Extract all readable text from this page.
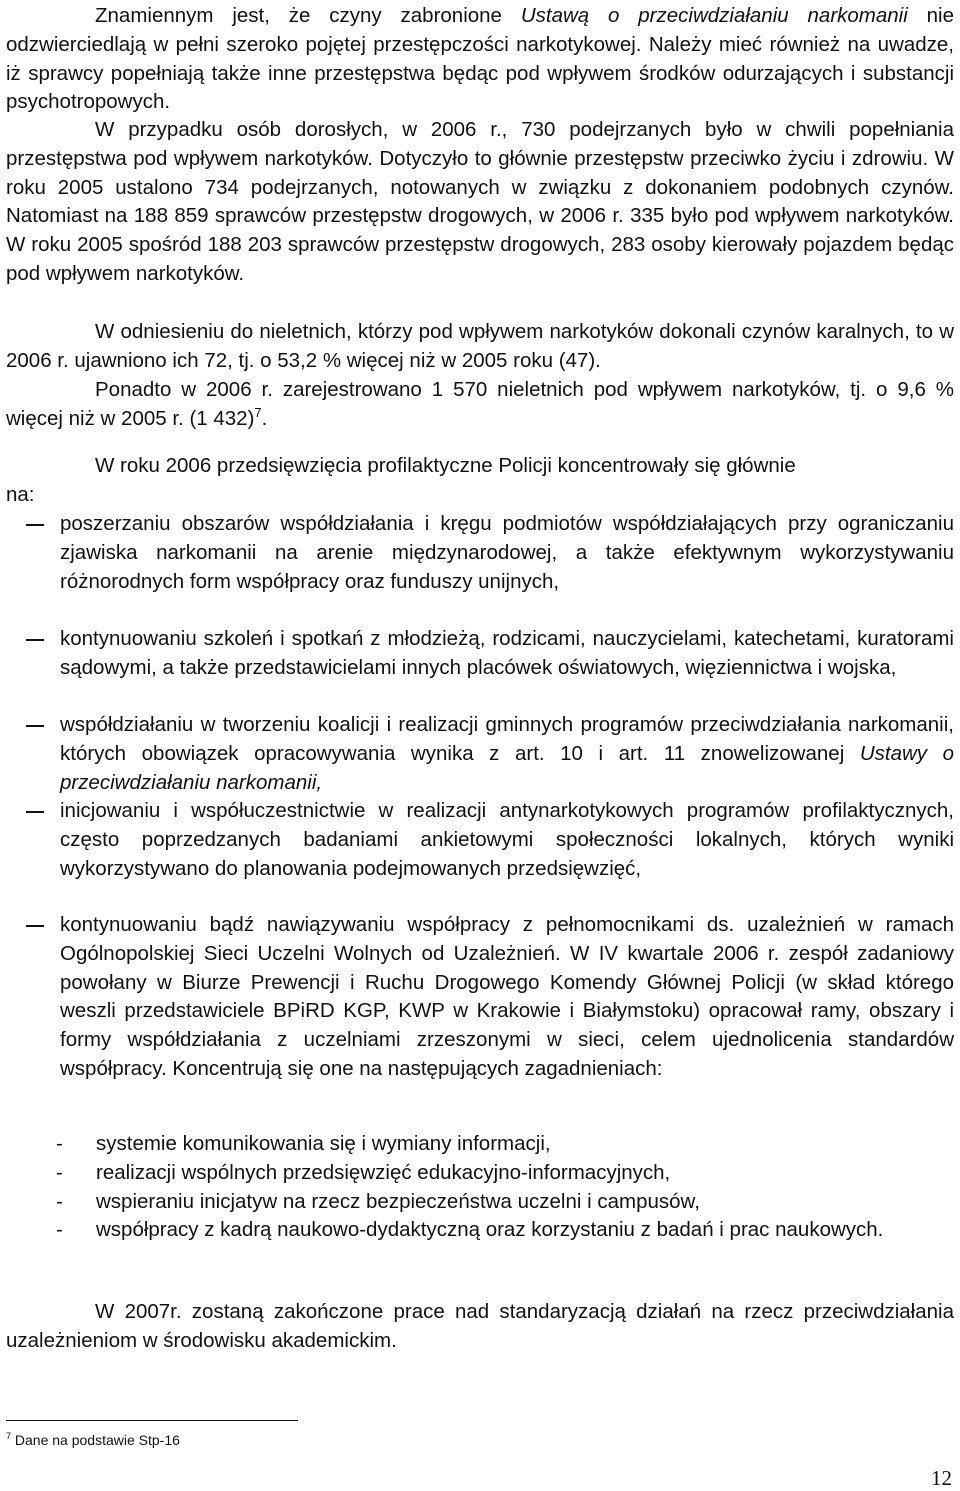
Znamiennym jest, że czyny zabronione Ustawą o przeciwdziałaniu narkomanii nie odzwierciedlają w pełni szeroko pojętej przestępczości narkotykowej. Należy mieć również na uwadze, iż sprawcy popełniają także inne przestępstwa będąc pod wpływem środków odurzających i substancji psychotropowych.

W przypadku osób dorosłych, w 2006 r., 730 podejrzanych było w chwili popełniania przestępstwa pod wpływem narkotyków. Dotyczyło to głównie przestępstw przeciwko życiu i zdrowiu. W roku 2005 ustalono 734 podejrzanych, notowanych w związku z dokonaniem podobnych czynów. Natomiast na 188 859 sprawców przestępstw drogowych, w 2006 r. 335 było pod wpływem narkotyków. W roku 2005 spośród 188 203 sprawców przestępstw drogowych, 283 osoby kierowały pojazdem będąc pod wpływem narkotyków.

W odniesieniu do nieletnich, którzy pod wpływem narkotyków dokonali czynów karalnych, to w 2006 r. ujawniono ich 72, tj. o 53,2 % więcej niż w 2005 roku (47).

Ponadto w 2006 r. zarejestrowano 1 570 nieletnich pod wpływem narkotyków, tj. o 9,6 % więcej niż w 2005 r. (1 432)$^7$.

W roku 2006 przedsięwzięcia profilaktyczne Policji koncentrowały się głównie

na:

poszerzaniu obszarów współdziałania i kręgu podmiotów współdziałających przy ograniczaniu zjawiska narkomanii na arenie międzynarodowej, a także efektywnym wykorzystywaniu różnorodnych form współpracy oraz funduszy unijnych,
kontynuowaniu szkoleń i spotkań z młodzieżą, rodzicami, nauczycielami, katechetami, kuratorami sądowymi, a także przedstawicielami innych placówek oświatowych, więziennictwa i wojska,
współdziałaniu w tworzeniu koalicji i realizacji gminnych programów przeciwdziałania narkomanii, których obowiązek opracowywania wynika z art. 10 i art. 11 znowelizowanej Ustawy o przeciwdziałaniu narkomanii,
inicjowaniu i współuczestnictwie w realizacji antynarkotykowych programów profilaktycznych, często poprzedzanych badaniami ankietowymi społeczności lokalnych, których wyniki wykorzystywano do planowania podejmowanych przedsięwzięć,
kontynuowaniu bądź nawiązywaniu współpracy z pełnomocnikami ds. uzależnień w ramach Ogólnopolskiej Sieci Uczelni Wolnych od Uzależnień. W IV kwartale 2006 r. zespół zadaniowy powołany w Biurze Prewencji i Ruchu Drogowego Komendy Głównej Policji (w skład którego weszli przedstawiciele BPiRD KGP, KWP w Krakowie i Białymstoku) opracował ramy, obszary i formy współdziałania z uczelniami zrzeszonymi w sieci, celem ujednolicenia standardów współpracy. Koncentrują się one na następujących zagadnieniach:
- systemie komunikowania się i wymiany informacji,
- realizacji wspólnych przedsięwzięć edukacyjno-informacyjnych,
- wspieraniu inicjatyw na rzecz bezpieczeństwa uczelni i campusów,
- współpracy z kadrą naukowo-dydaktyczną oraz korzystaniu z badań i prac naukowych.

W 2007r. zostaną zakończone prace nad standaryzacją działań na rzecz przeciwdziałania uzależnieniom w środowisku akademickim.

$^7$ Dane na podstawie Stp-16
12
